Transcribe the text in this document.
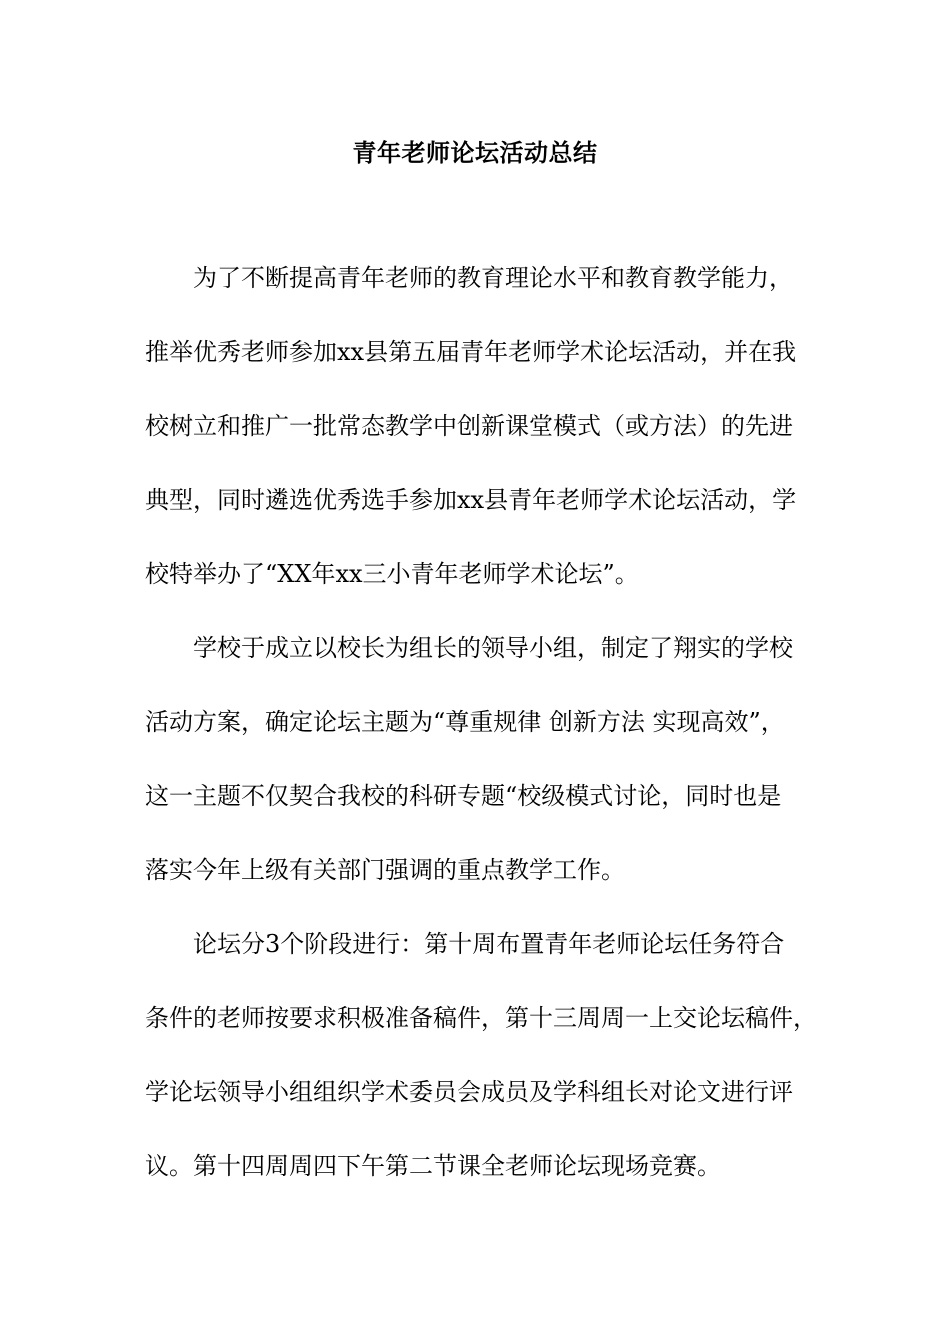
青年老师论坛活动总结
为了不断提高青年老师的教育理论水平和教育教学能力，
推举优秀老师参加xx县第五届青年老师学术论坛活动，并在我
校树立和推广一批常态教学中创新课堂模式（或方法）的先进
典型，同时遴选优秀选手参加xx县青年老师学术论坛活动，学
校特举办了“XX年xx三小青年老师学术论坛”。
学校于成立以校长为组长的领导小组，制定了翔实的学校
活动方案，确定论坛主题为“尊重规律 创新方法 实现高效”，
这一主题不仅契合我校的科研专题“校级模式讨论，同时也是
落实今年上级有关部门强调的重点教学工作。
论坛分3个阶段进行：第十周布置青年老师论坛任务符合
条件的老师按要求积极准备稿件，第十三周周一上交论坛稿件，
学论坛领导小组组织学术委员会成员及学科组长对论文进行评
议。第十四周周四下午第二节课全老师论坛现场竞赛。
